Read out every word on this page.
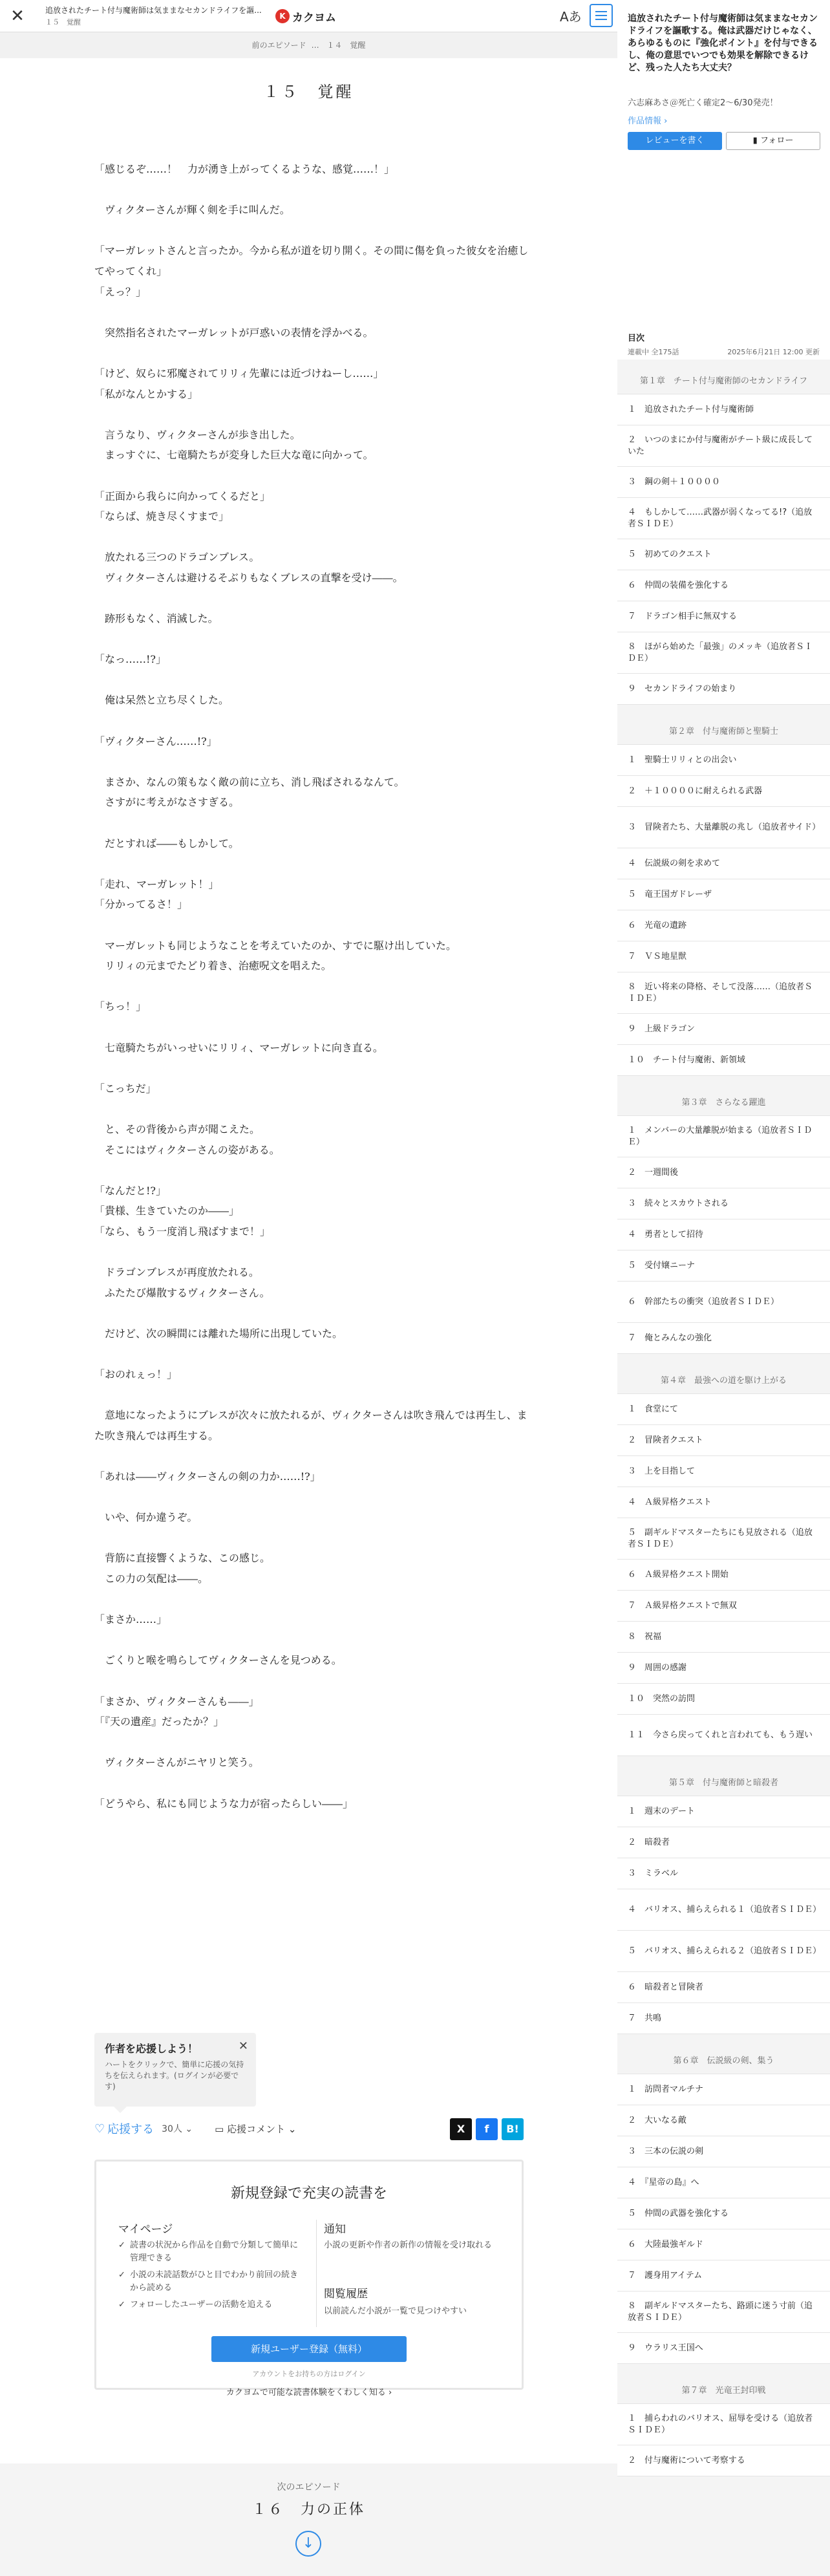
✕	追放されたチート付与魔術師は気ままなセカンドライフを謳...
１５　覚醒
K カクヨム	Aあ
前のエピソード … １４　覚醒
１５　覚醒

「感じるぞ……！　力が湧き上がってくるような、感覚……！」

　ヴィクターさんが輝く剣を手に叫んだ。

「マーガレットさんと言ったか。今から私が道を切り開く。その間に傷を負った彼女を治癒してやってくれ」

「えっ？」

　突然指名されたマーガレットが戸惑いの表情を浮かべる。

「けど、奴らに邪魔されてリリィ先輩には近づけねーし……」

「私がなんとかする」

　言うなり、ヴィクターさんが歩き出した。

　まっすぐに、七竜騎たちが変身した巨大な竜に向かって。

「正面から我らに向かってくるだと」

「ならば、焼き尽くすまで」

　放たれる三つのドラゴンブレス。

　ヴィクターさんは避けるそぶりもなくブレスの直撃を受け――。

　跡形もなく、消滅した。

「なっ……!?」

　俺は呆然と立ち尽くした。

「ヴィクターさん……!?」

　まさか、なんの策もなく敵の前に立ち、消し飛ばされるなんて。

　さすがに考えがなさすぎる。

　だとすれば――もしかして。

「走れ、マーガレット！」

「分かってるさ！」

　マーガレットも同じようなことを考えていたのか、すでに駆け出していた。

　リリィの元までたどり着き、治癒呪文を唱えた。

「ちっ！」

　七竜騎たちがいっせいにリリィ、マーガレットに向き直る。

「こっちだ」

　と、その背後から声が聞こえた。

　そこにはヴィクターさんの姿がある。

「なんだと!?」

「貴様、生きていたのか――」

「なら、もう一度消し飛ばすまで！」

　ドラゴンブレスが再度放たれる。

　ふたたび爆散するヴィクターさん。

　だけど、次の瞬間には離れた場所に出現していた。

「おのれぇっ！」

　意地になったようにブレスが次々に放たれるが、ヴィクターさんは吹き飛んでは再生し、また吹き飛んでは再生する。

「あれは――ヴィクターさんの剣の力か……!?」

　いや、何か違うぞ。

　背筋に直接響くような、この感じ。

　この力の気配は――。

「まさか……」

　ごくりと喉を鳴らしてヴィクターさんを見つめる。

「まさか、ヴィクターさんも――」

「『天の遺産』だったか？」

　ヴィクターさんがニヤリと笑う。

「どうやら、私にも同じような力が宿ったらしい――」

作者を応援しよう！	✕
ハートをクリックで、簡単に応援の気持ちを伝えられます。(ログインが必要です)
♡ 応援する 30人 ⌄ ▭ 応援コメント ⌄	X	f	B!
新規登録で充実の読書を
マイページ
✓ 読書の状況から作品を自動で分類して簡単に管理できる
✓ 小説の未読話数がひと目でわかり前回の続きから読める
✓ フォローしたユーザーの活動を追える
通知
小説の更新や作者の新作の情報を受け取れる
閲覧履歴
以前読んだ小説が一覧で見つけやすい
新規ユーザー登録（無料）
アカウントをお持ちの方はログイン
カクヨムで可能な読書体験をくわしく知る ›
次のエピソード
１６　力の正体
↓
追放されたチート付与魔術師は気ままなセカンドライフを謳歌する。俺は武器だけじゃなく、あらゆるものに『強化ポイント』を付与できるし、俺の意思でいつでも効果を解除できるけど、残った人たち大丈夫？
六志麻あさ＠死亡く確定2～6/30発売！
作品情報 ›
レビューを書く	▮ フォロー
目次
連載中 全175話	2025年6月21日 12:00 更新
第１章　チート付与魔術師のセカンドライフ
１　追放されたチート付与魔術師
２　いつのまにか付与魔術がチート級に成長していた
３　鋼の剣＋１００００
４　もしかして……武器が弱くなってる!?（追放者ＳＩＤＥ）
５　初めてのクエスト
６　仲間の装備を強化する
７　ドラゴン相手に無双する
８　ほがら始めた「最強」のメッキ（追放者ＳＩＤＥ）
９　セカンドライフの始まり
第２章　付与魔術師と聖騎士
１　聖騎士リリィとの出会い
２　＋１００００に耐えられる武器
３　冒険者たち、大量離脱の兆し（追放者サイド）
４　伝説級の剣を求めて
５　竜王国ガドレーザ
６　光竜の遺跡
７　ＶＳ地星獣
８　近い将来の降格、そして没落……（追放者ＳＩＤＥ）
９　上級ドラゴン
１０　チート付与魔術、新領域
第３章　さらなる躍進
１　メンバーの大量離脱が始まる（追放者ＳＩＤＥ）
２　一週間後
３　続々とスカウトされる
４　勇者として招待
５　受付嬢ニーナ
６　幹部たちの衝突（追放者ＳＩＤＥ）
７　俺とみんなの強化
第４章　最強への道を駆け上がる
１　食堂にて
２　冒険者クエスト
３　上を目指して
４　Ａ級昇格クエスト
５　副ギルドマスターたちにも見放される（追放者ＳＩＤＥ）
６　Ａ級昇格クエスト開始
７　Ａ級昇格クエストで無双
８　祝福
９　周囲の感謝
１０　突然の訪問
１１　今さら戻ってくれと言われても、もう遅い
第５章　付与魔術師と暗殺者
１　週末のデート
２　暗殺者
３　ミラベル
４　バリオス、捕らえられる１（追放者ＳＩＤＥ）
５　バリオス、捕らえられる２（追放者ＳＩＤＥ）
６　暗殺者と冒険者
７　共鳴
第６章　伝説級の剣、集う
１　訪問者マルチナ
２　大いなる敵
３　三本の伝説の剣
４　『星帝の島』へ
５　仲間の武器を強化する
６　大陸最強ギルド
７　護身用アイテム
８　副ギルドマスターたち、路頭に迷う寸前（追放者ＳＩＤＥ）
９　ウラリス王国へ
第７章　光竜王封印戦
１　捕らわれのバリオス、屈辱を受ける（追放者ＳＩＤＥ）
２　付与魔術について考察する
